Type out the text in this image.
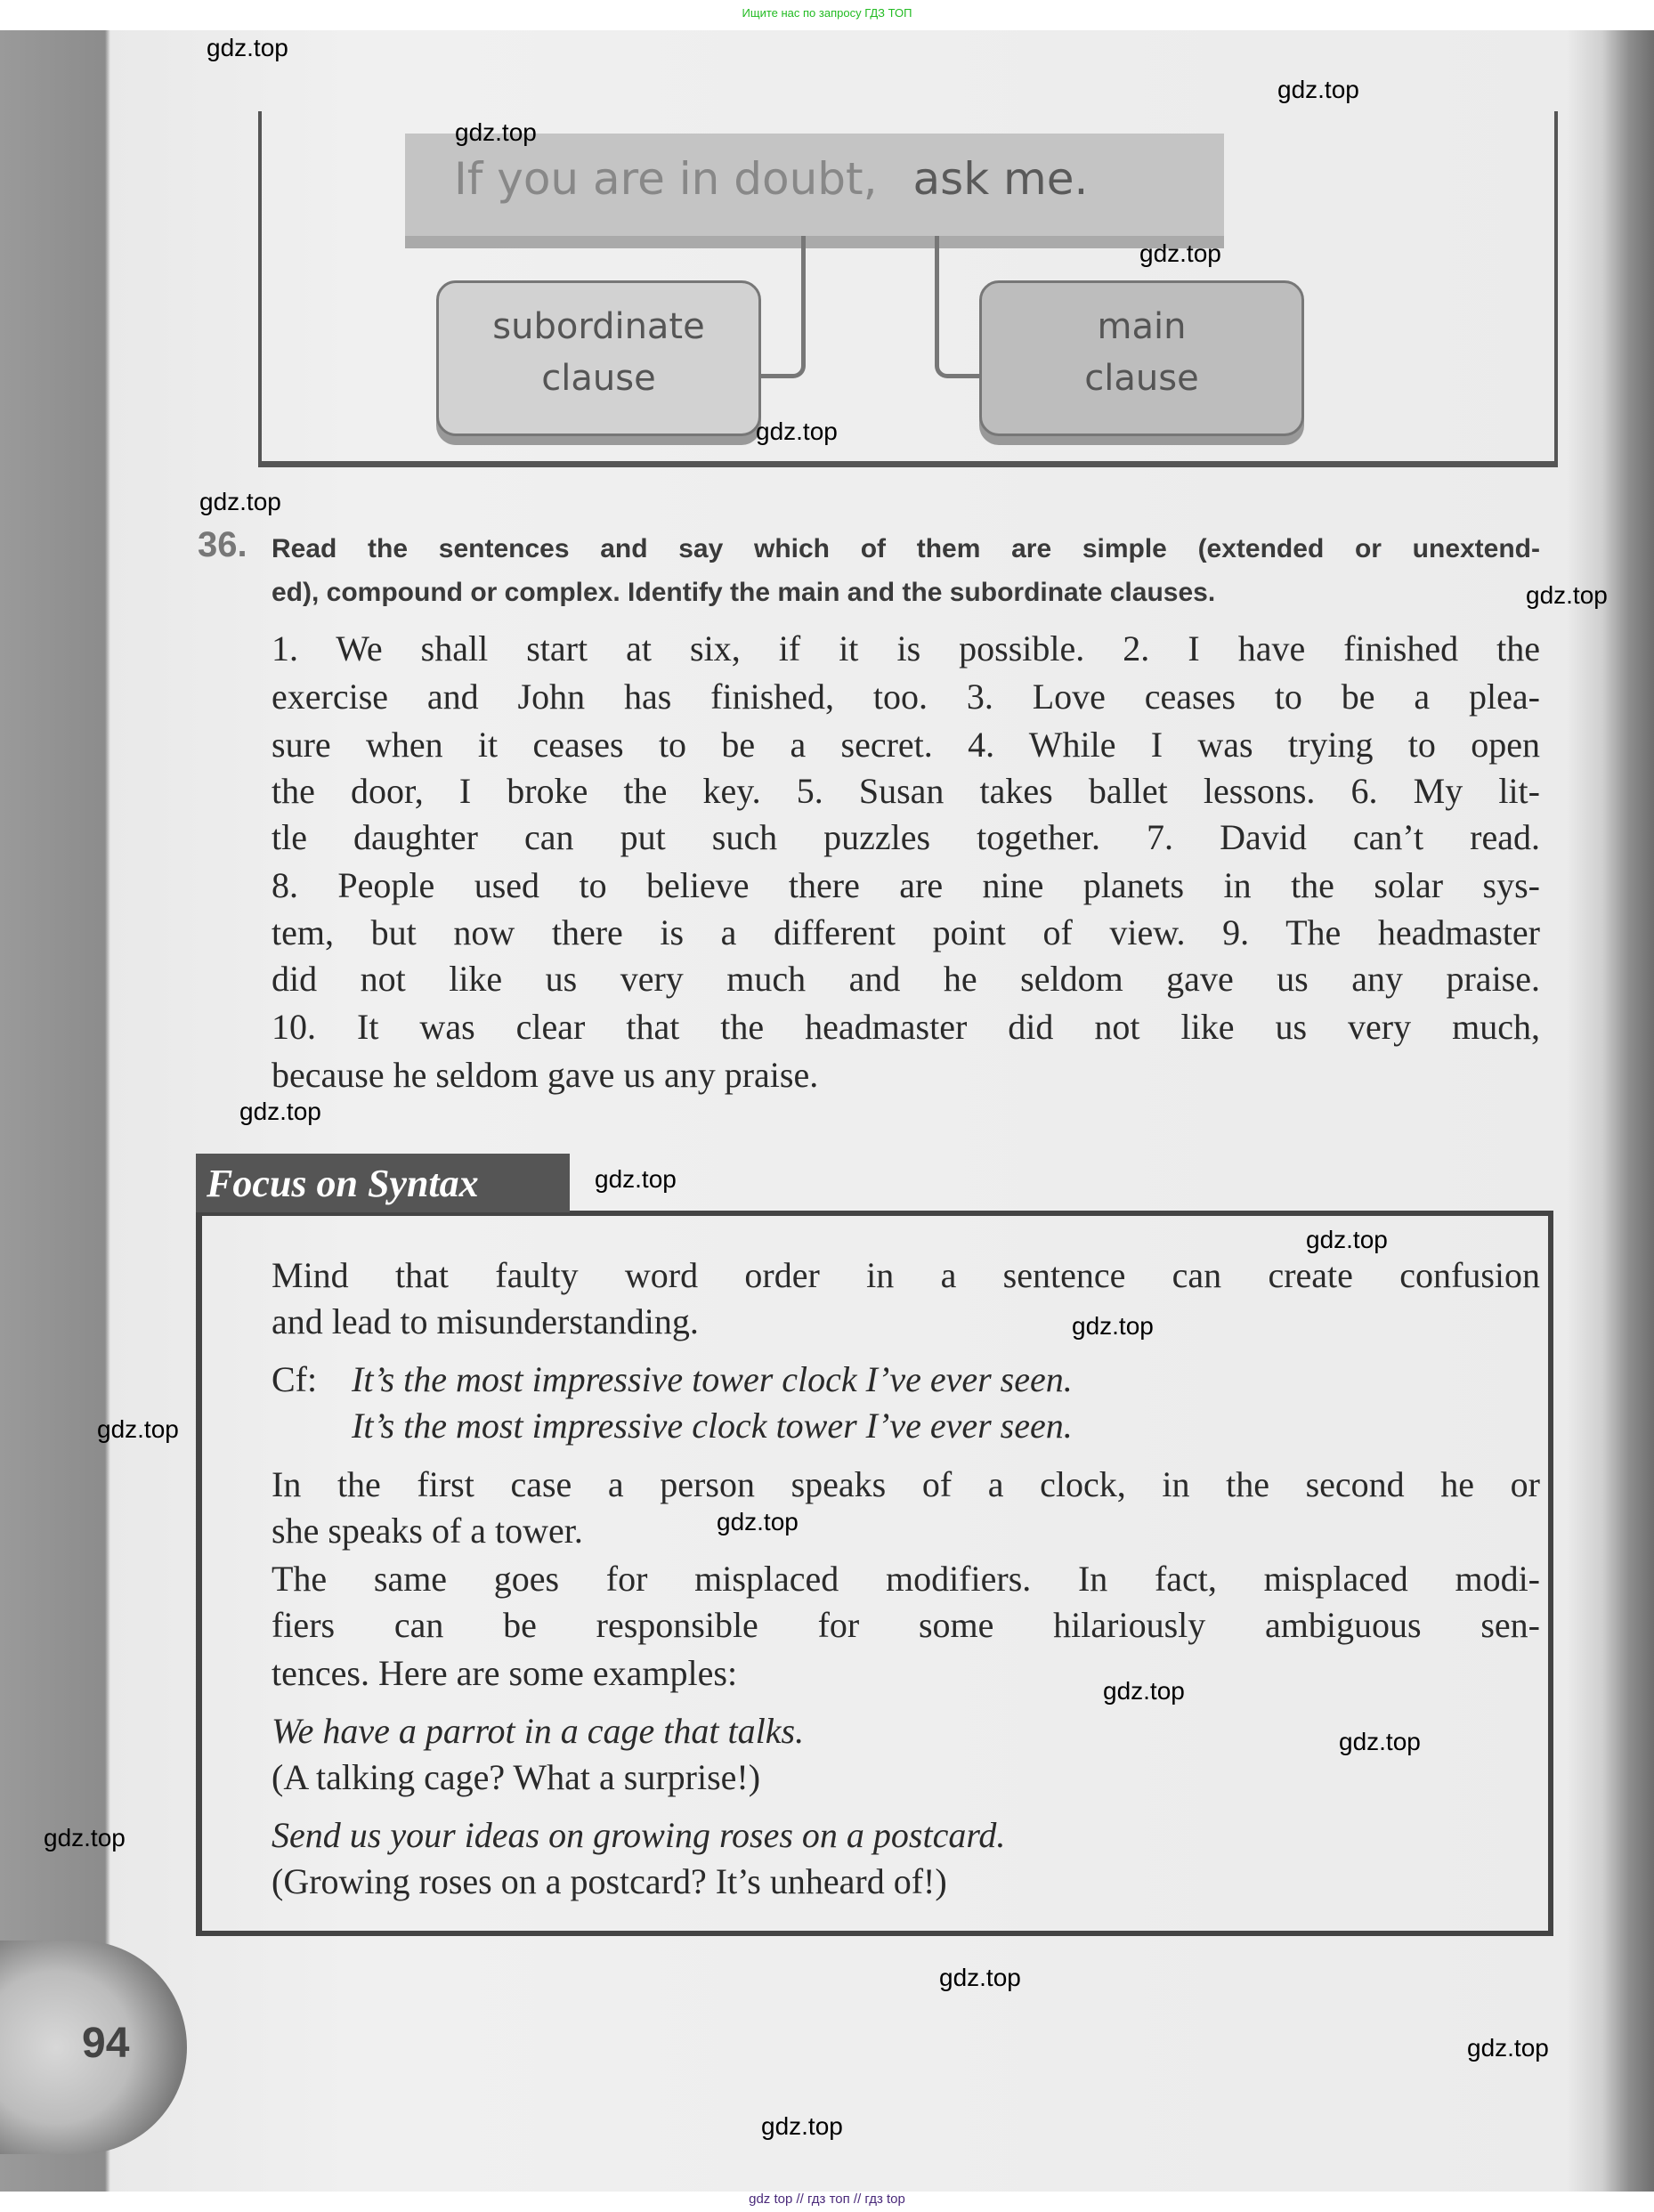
Ищите нас по запросу ГДЗ ТОП
If you are in doubt, ask me.
subordinate
clause
main
clause
36. Read the sentences and say which of them are simple (extended or unextend-
ed), compound or complex. Identify the main and the subordinate clauses.
1. We shall start at six, if it is possible. 2. I have finished the
exercise and John has finished, too. 3. Love ceases to be a plea-
sure when it ceases to be a secret. 4. While I was trying to open
the door, I broke the key. 5. Susan takes ballet lessons. 6. My lit-
tle daughter can put such puzzles together. 7. David can’t read.
8. People used to believe there are nine planets in the solar sys-
tem, but now there is a different point of view. 9. The headmaster
did not like us very much and he seldom gave us any praise.
10. It was clear that the headmaster did not like us very much,
because he seldom gave us any praise.
Focus on Syntax
Mind that faulty word order in a sentence can create confusion
and lead to misunderstanding.
Cf: It’s the most impressive tower clock I’ve ever seen.
It’s the most impressive clock tower I’ve ever seen.
In the first case a person speaks of a clock, in the second he or
she speaks of a tower.
The same goes for misplaced modifiers. In fact, misplaced modi-
fiers can be responsible for some hilariously ambiguous sen-
tences. Here are some examples:
We have a parrot in a cage that talks.
(A talking cage? What a surprise!)
Send us your ideas on growing roses on a postcard.
(Growing roses on a postcard? It’s unheard of!)
94
gdz.top
gdz.top
gdz.top
gdz.top
gdz.top
gdz.top
gdz.top
gdz.top
gdz.top
gdz.top
gdz.top
gdz.top
gdz.top
gdz.top
gdz.top
gdz.top
gdz.top
gdz.top
gdz.top
gdz top // гдз топ // гдз top
